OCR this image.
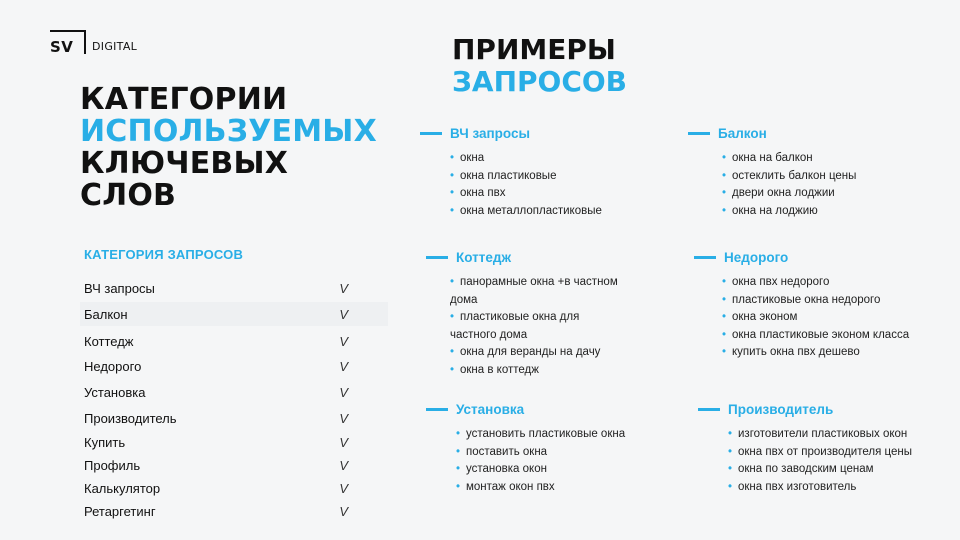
SV DIGITAL
КАТЕГОРИИ
ИСПОЛЬЗУЕМЫХ
КЛЮЧЕВЫХ
СЛОВ
КАТЕГОРИЯ ЗАПРОСОВ
ВЧ запросы	V
Балкон	V
Коттедж	V
Недорого	V
Установка	V
Производитель	V
Купить	V
Профиль	V
Калькулятор	V
Ретаргетинг	V
ПРИМЕРЫ
ЗАПРОСОВ
ВЧ запросы
• окна
• окна пластиковые
• окна пвх
• окна металлопластиковые
Балкон
• окна на балкон
• остеклить балкон цены
• двери окна лоджии
• окна на лоджию
Коттедж
• панорамные окна +в частном
дома
• пластиковые окна для
частного дома
• окна для веранды на дачу
• окна в коттедж
Недорого
• окна пвх недорого
• пластиковые окна недорого
• окна эконом
• окна пластиковые эконом класса
• купить окна пвх дешево
Установка
• установить пластиковые окна
• поставить окна
• установка окон
• монтаж окон пвх
Производитель
• изготовители пластиковых окон
• окна пвх от производителя цены
• окна по заводским ценам
• окна пвх изготовитель
